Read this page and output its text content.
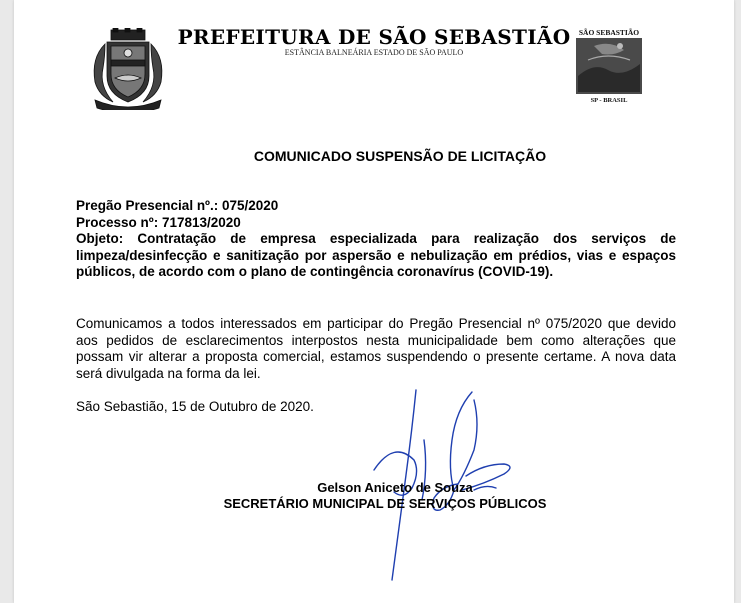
PREFEITURA DE SÃO SEBASTIÃO
ESTÂNCIA BALNEÁRIA ESTADO DE SÃO PAULO
SÃO SEBASTIÃO
SP - BRASIL
COMUNICADO SUSPENSÃO DE LICITAÇÃO
Pregão Presencial nº.: 075/2020
Processo nº: 717813/2020
Objeto: Contratação de empresa especializada para realização dos serviços de limpeza/desinfecção e sanitização por aspersão e nebulização em prédios, vias e espaços públicos, de acordo com o plano de contingência coronavírus (COVID-19).
Comunicamos a todos interessados em participar do Pregão Presencial nº 075/2020 que devido aos pedidos de esclarecimentos interpostos nesta municipalidade bem como alterações que possam vir alterar a proposta comercial, estamos suspendendo o presente certame. A nova data será divulgada na forma da lei.
São Sebastião, 15 de Outubro de 2020.
Gelson Aniceto de Souza
SECRETÁRIO MUNICIPAL DE SERVIÇOS PÚBLICOS
